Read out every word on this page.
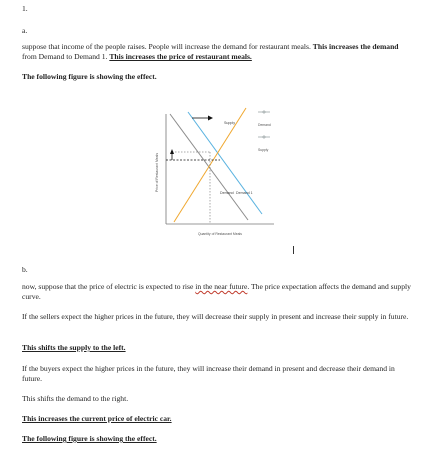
1.
a.
suppose that income of the people raises. People will increase the demand for restaurant meals. This increases the demand from Demand to Demand 1. This increases the price of restaurant meals.
The following figure is showing the effect.
Supply
Demand Demand 1
Price of Restaurant Meals
Quantity of Restaurant Meals
Demand
Supply
b.
now, suppose that the price of electric is expected to rise in the near future. The price expectation affects the demand and supply curve.
If the sellers expect the higher prices in the future, they will decrease their supply in present and increase their supply in future.
This shifts the supply to the left.
If the buyers expect the higher prices in the future, they will increase their demand in present and decrease their demand in future.
This shifts the demand to the right.
This increases the current price of electric car.
The following figure is showing the effect.
